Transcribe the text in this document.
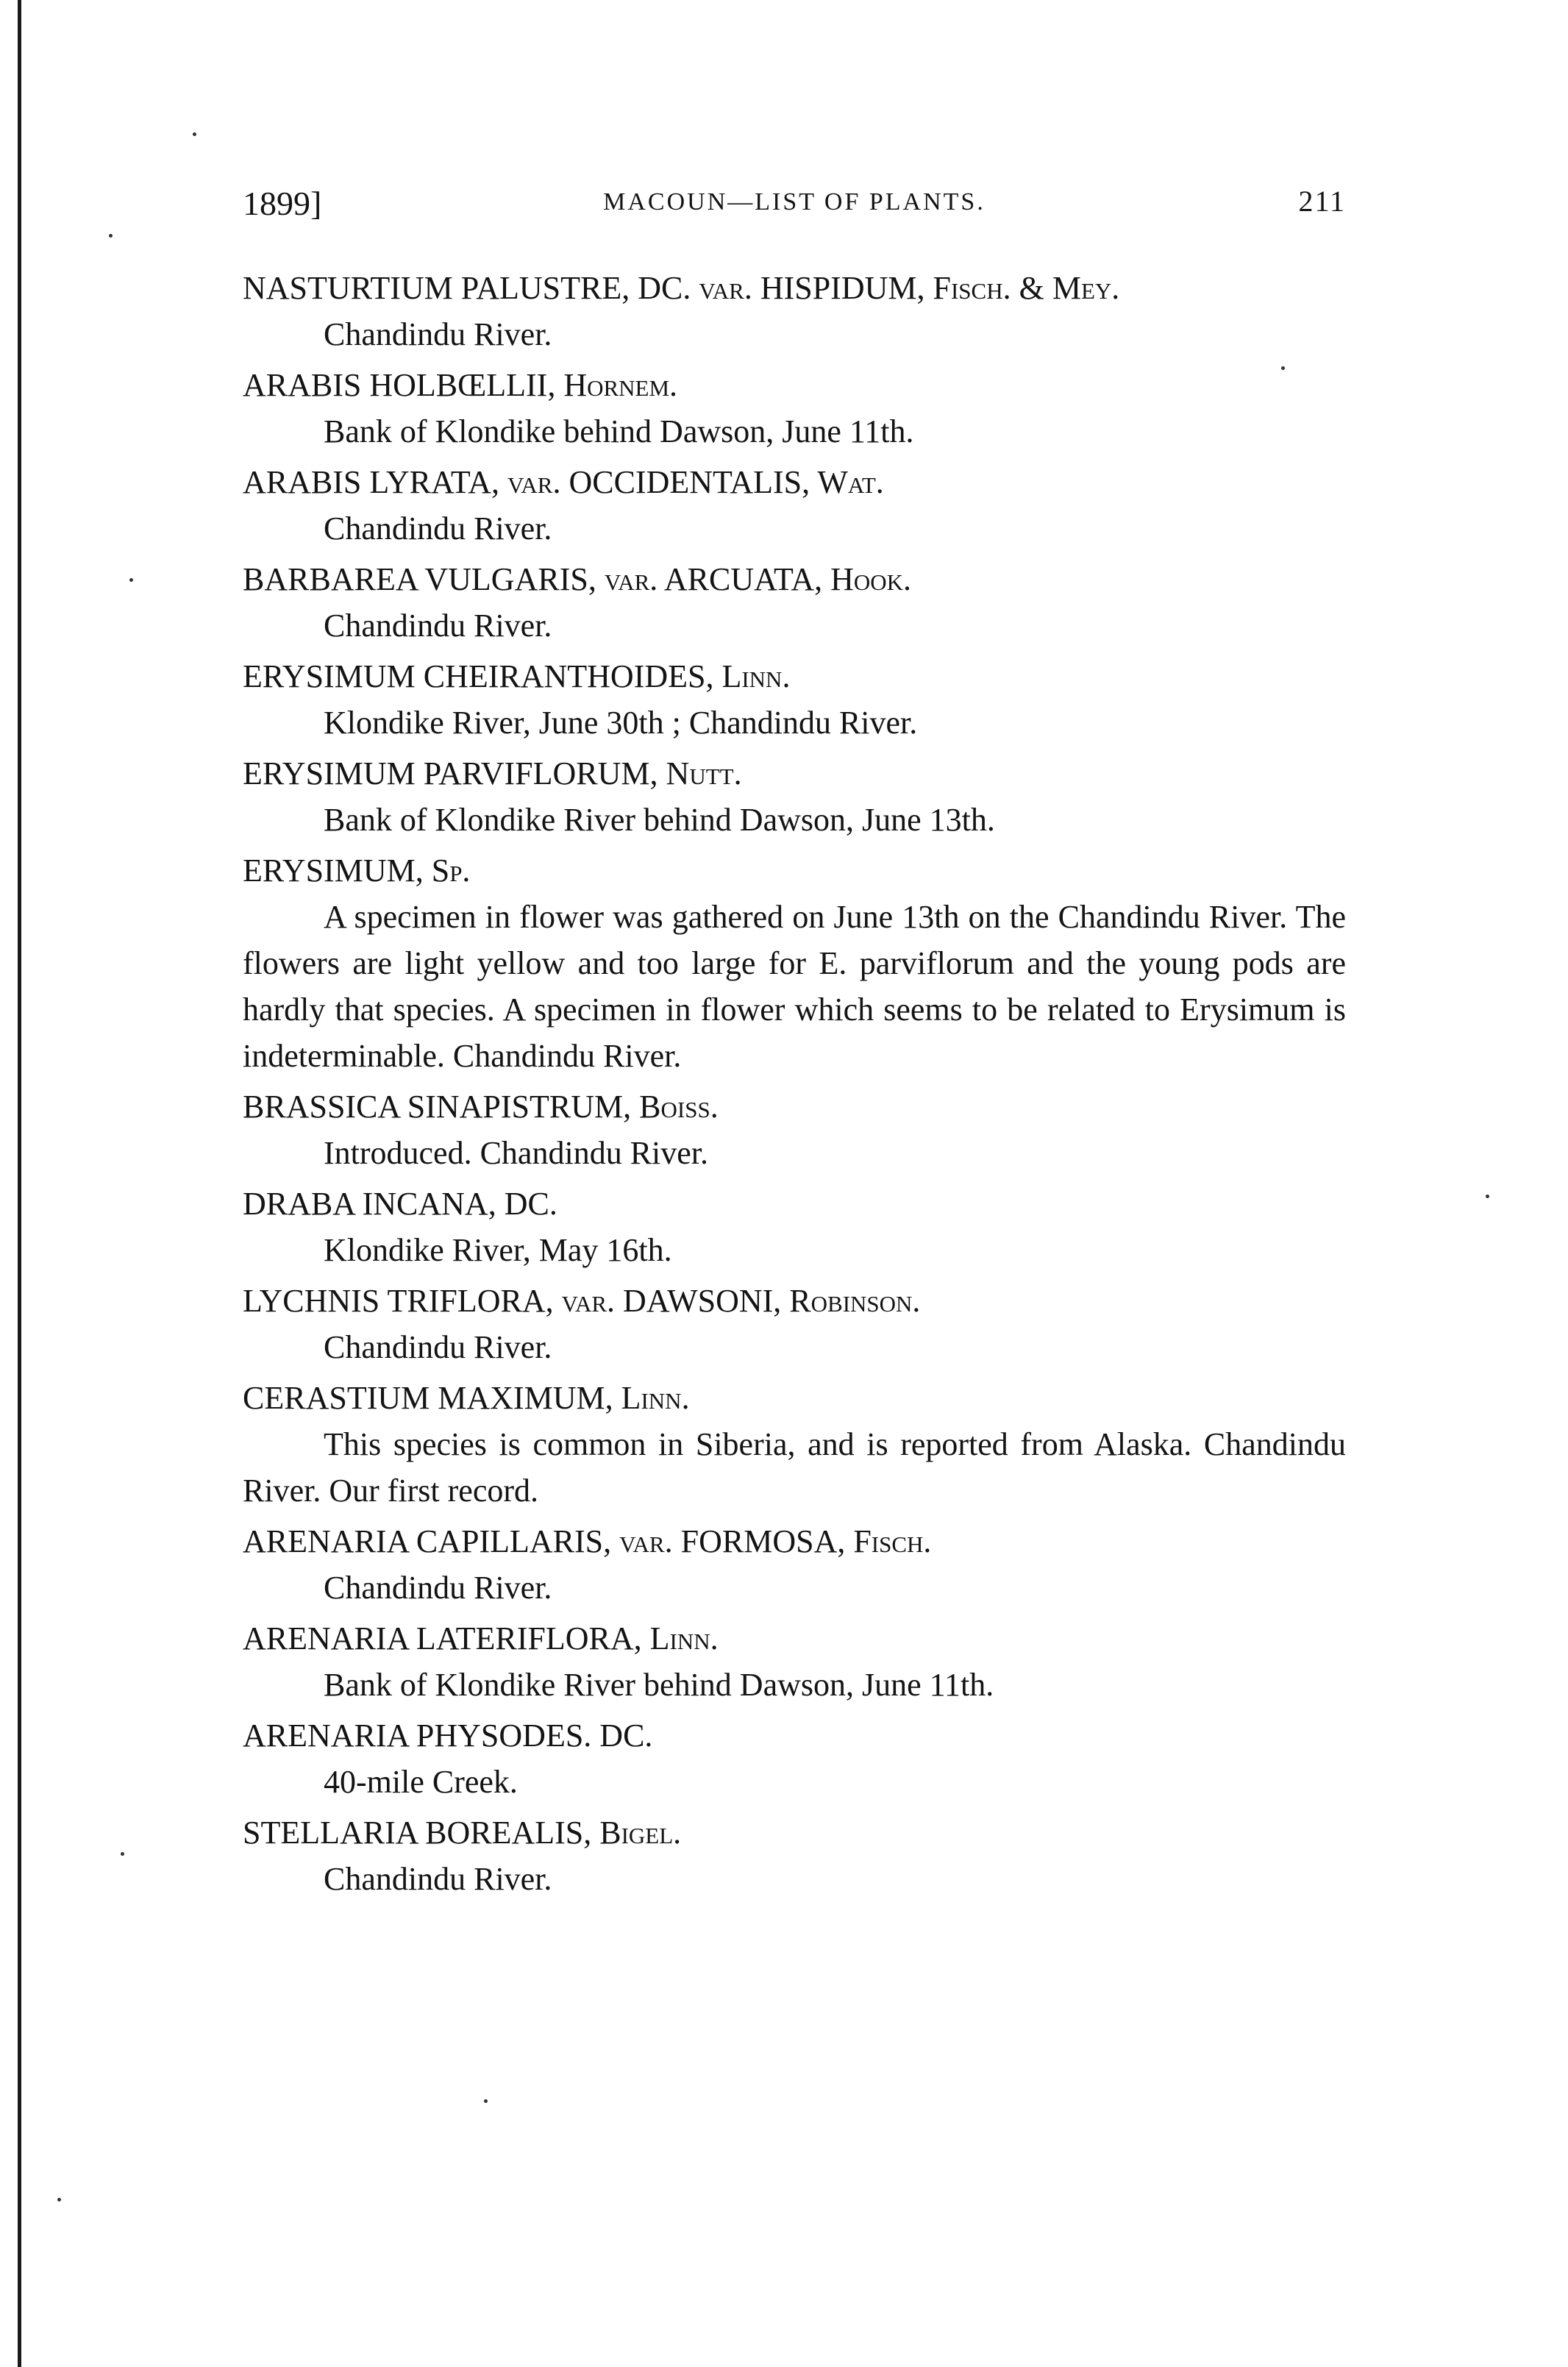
1899]	MACOUN—LIST OF PLANTS.	211

NASTURTIUM PALUSTRE, DC. var. HISPIDUM, Fisch. & Mey.

Chandindu River.

ARABIS HOLBŒLLII, Hornem.

Bank of Klondike behind Dawson, June 11th.

ARABIS LYRATA, var. OCCIDENTALIS, Wat.

Chandindu River.

BARBAREA VULGARIS, var. ARCUATA, Hook.

Chandindu River.

ERYSIMUM CHEIRANTHOIDES, Linn.

Klondike River, June 30th ; Chandindu River.

ERYSIMUM PARVIFLORUM, Nutt.

Bank of Klondike River behind Dawson, June 13th.

ERYSIMUM, Sp.

A specimen in flower was gathered on June 13th on the Chandindu River. The flowers are light yellow and too large for E. parviflorum and the young pods are hardly that species. A specimen in flower which seems to be related to Erysimum is indeterminable. Chandindu River.

BRASSICA SINAPISTRUM, Boiss.

Introduced. Chandindu River.

DRABA INCANA, DC.

Klondike River, May 16th.

LYCHNIS TRIFLORA, var. DAWSONI, Robinson.

Chandindu River.

CERASTIUM MAXIMUM, Linn.

This species is common in Siberia, and is reported from Alaska. Chandindu River. Our first record.

ARENARIA CAPILLARIS, var. FORMOSA, Fisch.

Chandindu River.

ARENARIA LATERIFLORA, Linn.

Bank of Klondike River behind Dawson, June 11th.

ARENARIA PHYSODES. DC.

40-mile Creek.

STELLARIA BOREALIS, Bigel.

Chandindu River.
